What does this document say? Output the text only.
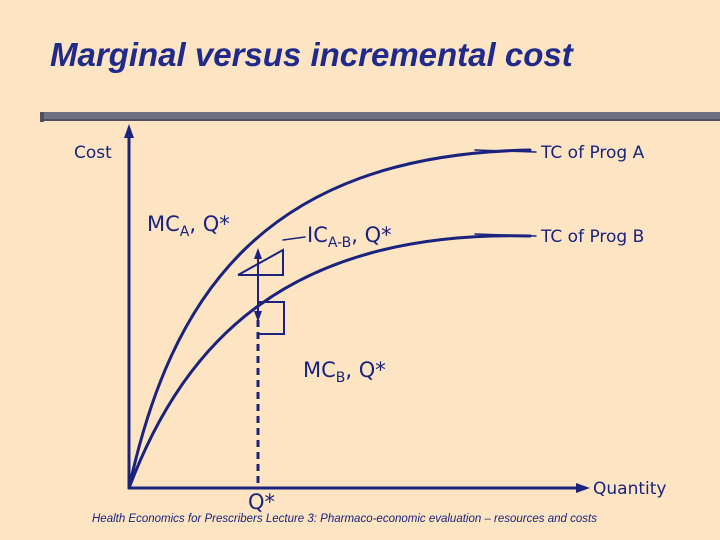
Marginal versus incremental cost
Cost	TC of Prog A
TC of Prog B
$MC_A$, Q*	$IC_{A-B}$, Q*
$MC_B$, Q*
Quantity
Q*
Health Economics for Prescribers Lecture 3: Pharmaco-economic evaluation – resources and costs
